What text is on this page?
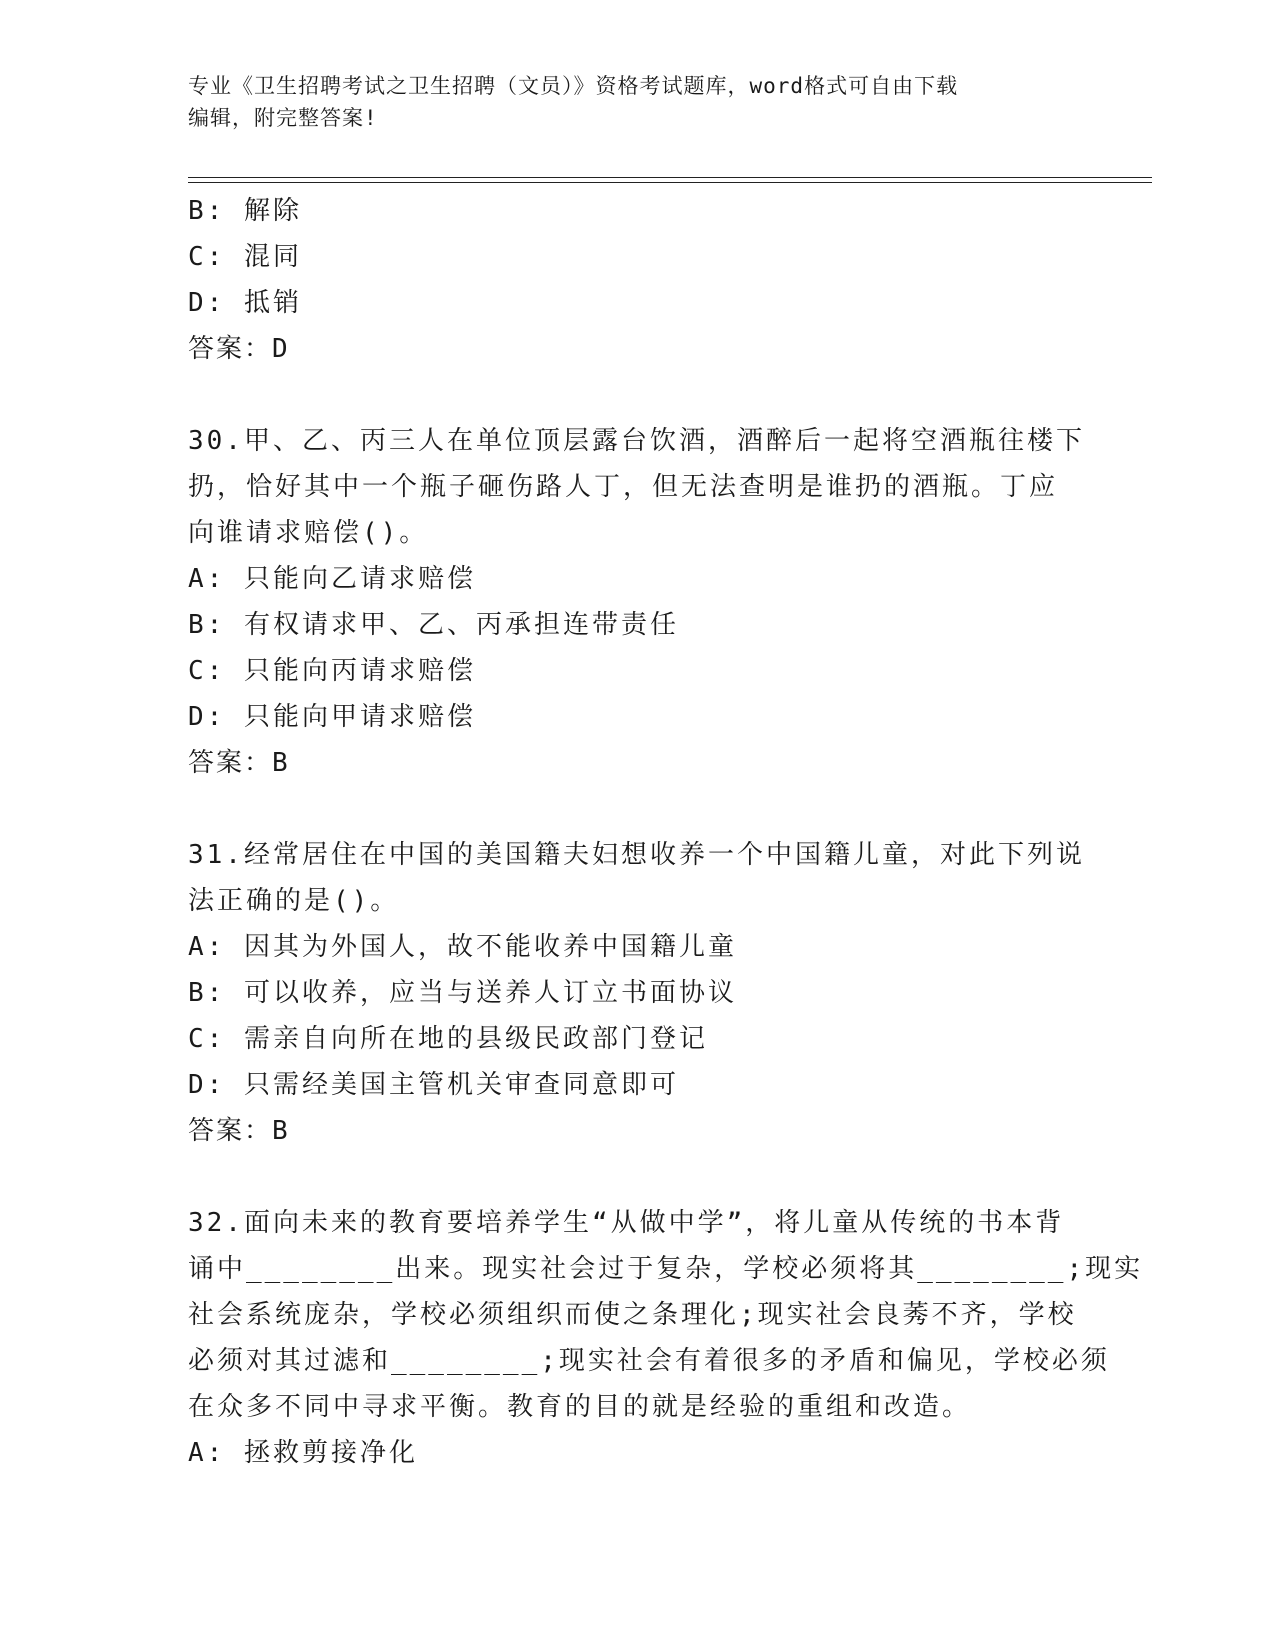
专业《卫生招聘考试之卫生招聘（文员）》资格考试题库，word格式可自由下载
编辑，附完整答案!
B: 解除
C: 混同
D: 抵销
答案：D
30.甲、乙、丙三人在单位顶层露台饮酒，酒醉后一起将空酒瓶往楼下
扔，恰好其中一个瓶子砸伤路人丁，但无法查明是谁扔的酒瓶。丁应
向谁请求赔偿()。
A: 只能向乙请求赔偿
B: 有权请求甲、乙、丙承担连带责任
C: 只能向丙请求赔偿
D: 只能向甲请求赔偿
答案：B
31.经常居住在中国的美国籍夫妇想收养一个中国籍儿童，对此下列说
法正确的是()。
A: 因其为外国人，故不能收养中国籍儿童
B: 可以收养，应当与送养人订立书面协议
C: 需亲自向所在地的县级民政部门登记
D: 只需经美国主管机关审查同意即可
答案：B
32.面向未来的教育要培养学生“从做中学”，将儿童从传统的书本背
诵中________出来。现实社会过于复杂，学校必须将其________;现实
社会系统庞杂，学校必须组织而使之条理化;现实社会良莠不齐，学校
必须对其过滤和________;现实社会有着很多的矛盾和偏见，学校必须
在众多不同中寻求平衡。教育的目的就是经验的重组和改造。
A: 拯救剪接净化
